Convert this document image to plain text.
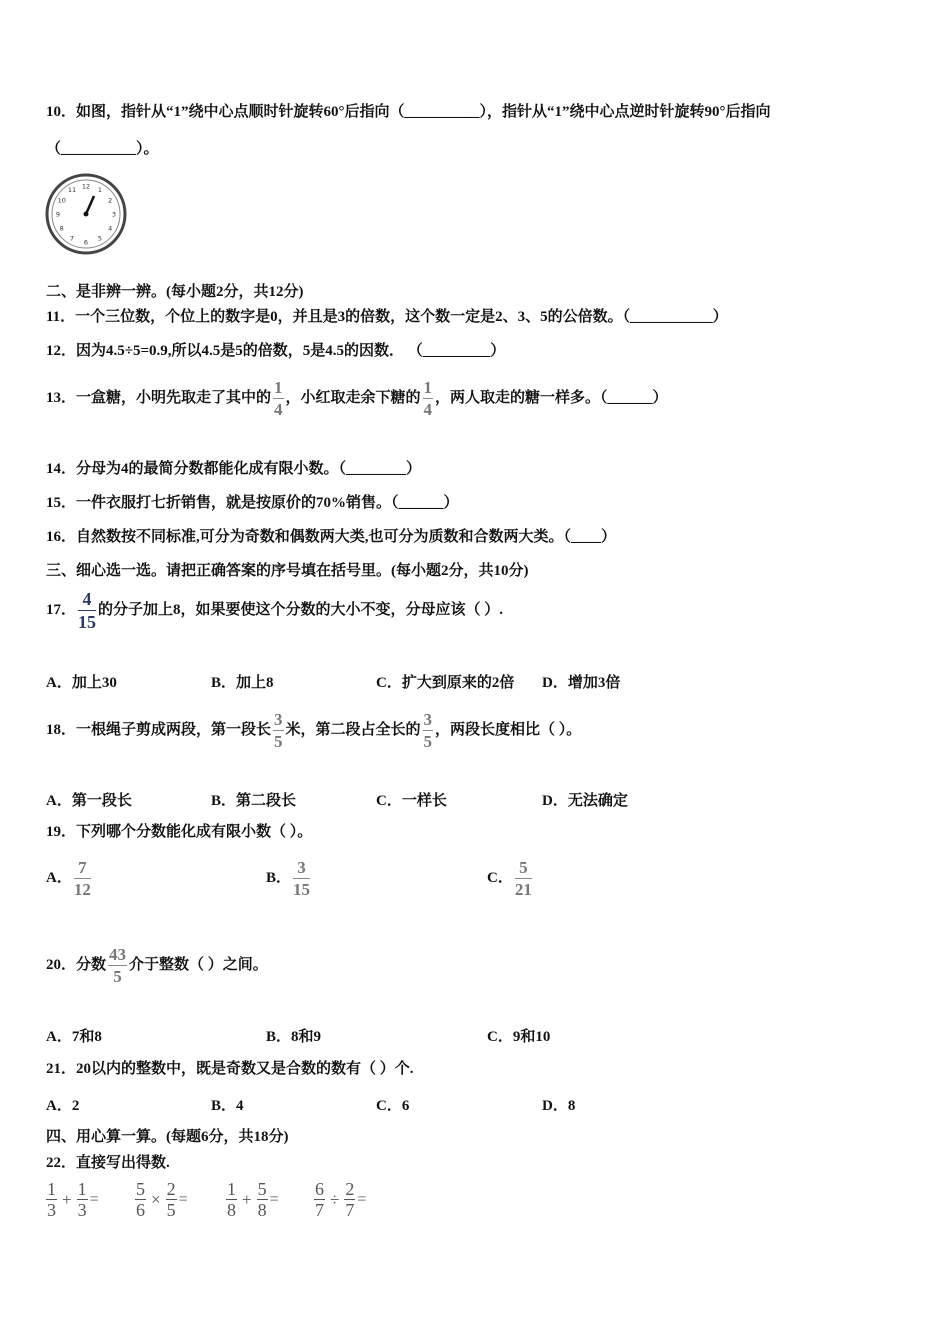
10．如图，指针从“1”绕中心点顺时针旋转60°后指向（__________），指针从“1”绕中心点逆时针旋转90°后指向
（__________）。
12 1
2
3
4
5
6
7
8
9
10
11
二、是非辨一辨。(每小题2分，共12分)
11．一个三位数，个位上的数字是0，并且是3的倍数，这个数一定是2、3、5的公倍数。（___________）
12．因为4.5÷5=0.9,所以4.5是5的倍数，5是4.5的因数． （_________）
13．一盒糖，小明先取走了其中的 $\frac{1}{4}$ ，小红取走余下糖的 $\frac{1}{4}$ ，两人取走的糖一样多。（______）
14．分母为4的最简分数都能化成有限小数。（________）
15．一件衣服打七折销售，就是按原价的70%销售。（______）
16．自然数按不同标准,可分为奇数和偶数两大类,也可分为质数和合数两大类。（____）
三、细心选一选。请把正确答案的序号填在括号里。(每小题2分，共10分)
17． $\frac{4}{15}$ 的分子加上8，如果要使这个分数的大小不变，分母应该（ ）.
A．加上30	B．加上8	C．扩大到原来的2倍 D．增加3倍
18．一根绳子剪成两段，第一段长 $\frac{3}{5}$ 米，第二段占全长的 $\frac{3}{5}$ ，两段长度相比（ ）。
A．第一段长	B．第二段长	C．一样长	D．无法确定
19．下列哪个分数能化成有限小数（ ）。
A． $\frac{7}{12}$	B． $\frac{3}{15}$	C． $\frac{5}{21}$
20．分数 $\frac{43}{5}$ 介于整数（ ）之间。
A．7和8	B．8和9	C．9和10
21．20以内的整数中，既是奇数又是合数的数有（ ）个.
A．2	B．4	C．6	D．8
四、用心算一算。(每题6分，共18分)
22．直接写出得数.
$\frac{1}{3} + \frac{1}{3} = \frac{5}{6} \times \frac{2}{5} = \frac{1}{8} + \frac{5}{8} = \frac{6}{7} \div \frac{2}{7}$ =
